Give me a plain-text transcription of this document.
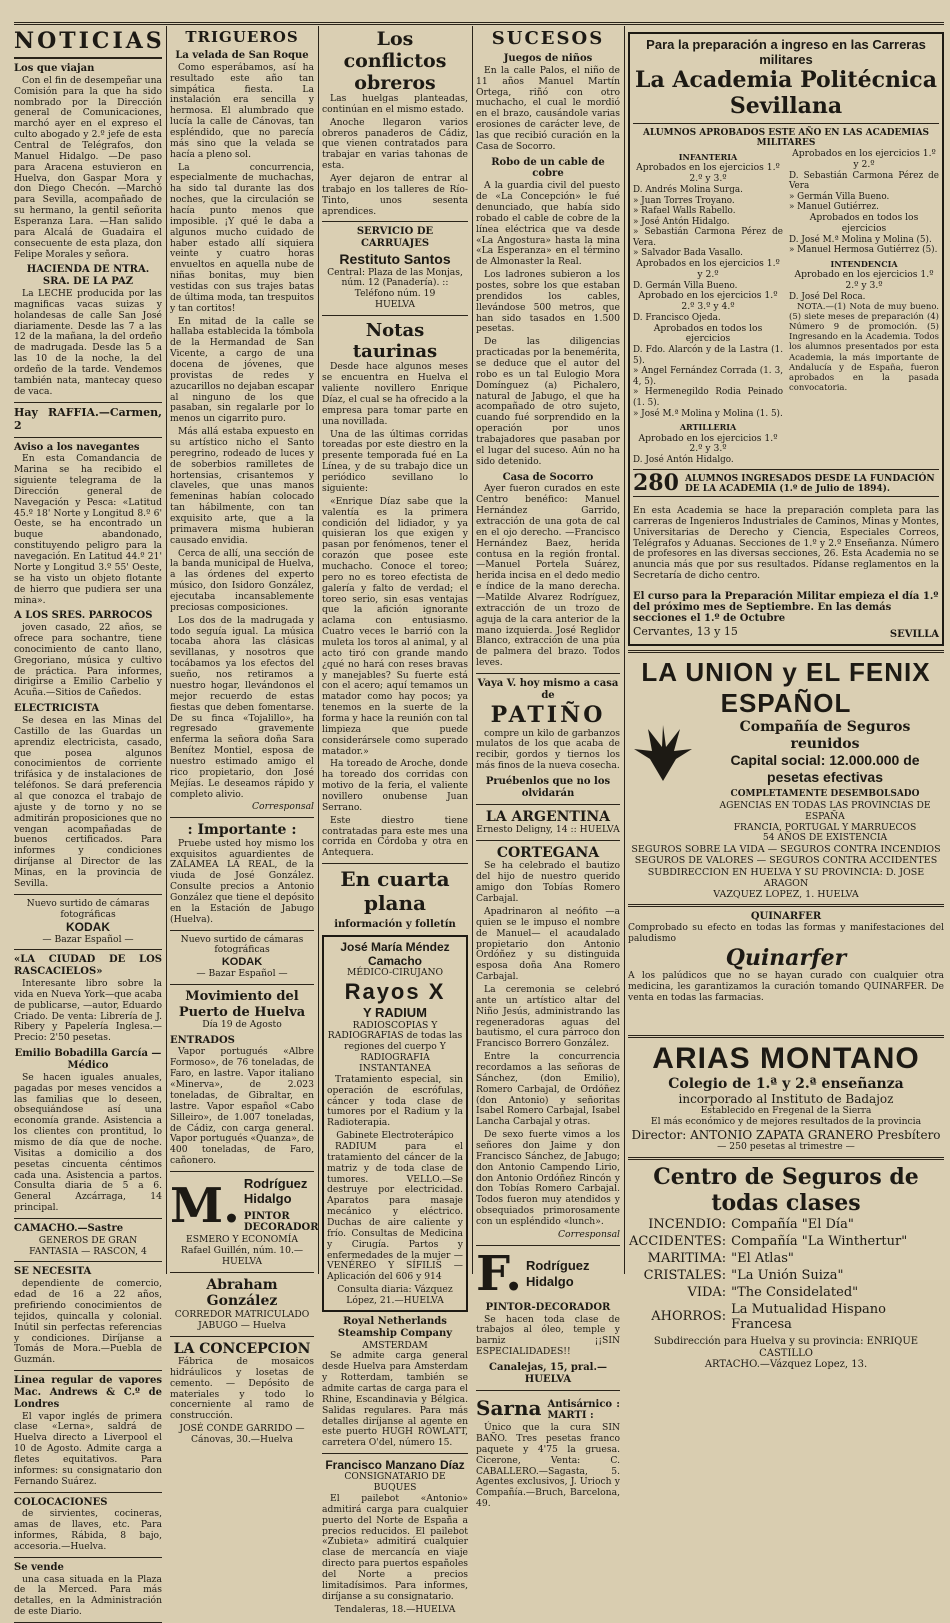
NOTICIAS
Los que viajan

Con el fin de desempeñar una Comisión para la que ha sido nombrado por la Dirección general de Comunicaciones, marchó ayer en el expreso el culto abogado y 2.º jefe de esta Central de Telégrafos, don Manuel Hidalgo. —De paso para Aracena estuvieron en Huelva, don Gaspar Mora y don Diego Checón. —Marchó para Sevilla, acompañado de su hermano, la gentil señorita Esperanza Lara. —Han salido para Alcalá de Guadaira el consecuente de esta plaza, don Felipe Morales y señora.

HACIENDA DE NTRA. SRA. DE LA PAZ

La LECHE producida por las magnificas vacas suizas y holandesas de calle San José diariamente. Desde las 7 a las 12 de la mañana, la del ordeño de madrugada. Desde las 5 a las 10 de la noche, la del ordeño de la tarde. Vendemos también nata, mantecay queso de vaca.

Hay RAFFIA.—Carmen, 2
Aviso a los navegantes

En esta Comandancia de Marina se ha recibido el siguiente telegrama de la Dirección general de Navegación y Pesca: «Latitud 45.º 18' Norte y Longitud 8.º 6' Oeste, se ha encontrado un buque abandonado, constituyendo peligro para la navegación. En Latitud 44.º 21' Norte y Longitud 3.º 55' Oeste, se ha visto un objeto flotante de hierro que pudiera ser una mina».

A LOS SRES. PARROCOS

joven casado, 22 años, se ofrece para sochantre, tiene conocimiento de canto llano, Gregoriano, música y cultivo de práctica. Para informes, dirigirse a Emilio Carbelio y Acuña.—Sitios de Cañedos.

ELECTRICISTA

Se desea en las Minas del Castillo de las Guardas un aprendiz electricista, casado, que posea algunos conocimientos de corriente trifásica y de instalaciones de teléfonos. Se dará preferencia al que conozca el trabajo de ajuste y de torno y no se admitirán proposiciones que no vengan acompañadas de buenos certificados. Para informes y condiciones diríjanse al Director de las Minas, en la provincia de Sevilla.

Nuevo surtido de cámaras fotográficas
KODAK
— Bazar Español —
«LA CIUDAD DE LOS RASCACIELOS»

Interesante libro sobre la vida en Nueva York—que acaba de publicarse, —autor, Eduardo Criado. De venta: Librería de J. Ribery y Papelería Inglesa.—Precio: 2'50 pesetas.

Emilio Bobadilla García — Médico

Se hacen iguales anuales, pagadas por meses vencidos a las familias que lo deseen, obsequiándose así una economía grande. Asistencia a los clientes con prontitud, lo mismo de día que de noche. Visitas a domicilio a dos pesetas cincuenta céntimos cada una. Asistencia a partos. Consulta diaria de 5 a 6. General Azcárraga, 14 principal.

CAMACHO.—Sastre
GENEROS DE GRAN FANTASIA — RASCON, 4
SE NECESITA

dependiente de comercio, edad de 16 a 22 años, prefiriendo conocimientos de tejidos, quincalla y colonial. Inútil sin perfectas referencias y condiciones. Diríjanse a Tomás de Mora.—Puebla de Guzmán.

Linea regular de vapores Mac. Andrews & C.º de Londres

El vapor inglés de primera clase «Lerna», saldrá de Huelva directo a Liverpool el 10 de Agosto. Admite carga a fletes equitativos. Para informes: su consignatario don Fernando Suárez.

COLOCACIONES

de sirvientes, cocineras, amas de llaves, etc. Para informes, Rábida, 8 bajo, accesoria.—Huelva.

Se vende

una casa situada en la Plaza de la Merced. Para más detalles, en la Administración de este Diario.

TRIGUEROS
La velada de San Roque

Como esperábamos, así ha resultado este año tan simpática fiesta. La instalación era sencilla y hermosa. El alumbrado que lucía la calle de Cánovas, tan espléndido, que no parecía más sino que la velada se hacía a pleno sol.

La concurrencia, especialmente de muchachas, ha sido tal durante las dos noches, que la circulación se hacía punto menos que imposible. ¡Y qué le daba a algunos mucho cuidado de haber estado allí siquiera veinte y cuatro horas envueltos en aquella nube de niñas bonitas, muy bien vestidas con sus trajes batas de última moda, tan trespuitos y tan cortitos!

En mitad de la calle se hallaba establecida la tómbola de la Hermandad de San Vicente, a cargo de una docena de jóvenes, que provistas de redes y azucarillos no dejaban escapar al ninguno de los que pasaban, sin regalarle por lo menos un cigarrito puro.

Más allá estaba expuesto en su artístico nicho el Santo peregrino, rodeado de luces y de soberbios ramilletes de hortensias, crisantemos y claveles, que unas manos femeninas habían colocado tan hábilmente, con tan exquisito arte, que a la primavera misma hubieran causado envidia.

Cerca de allí, una sección de la banda municipal de Huelva, a las órdenes del experto músico, don Isidoro González, ejecutaba incansablemente preciosas composiciones.

Los dos de la madrugada y todo seguía igual. La música tocaba ahora las clásicas sevillanas, y nosotros que tocábamos ya los efectos del sueño, nos retiramos a nuestro hogar, llevándonos el mejor recuerdo de estas fiestas que deben fomentarse. De su finca «Tojalillo», ha regresado gravemente enferma la señora doña Sara Benítez Montiel, esposa de nuestro estimado amigo el rico propietario, don José Mejías. Le deseamos rápido y completo alivio.

Corresponsal
: Importante :

Pruebe usted hoy mismo los exquisitos aguardientes de ZALAMEA LA REAL, de la viuda de José González. Consulte precios a Antonio González que tiene el depósito en la Estación de Jabugo (Huelva).

Nuevo surtido de cámaras fotográficas
KODAK
— Bazar Español —
Movimiento del Puerto de Huelva
Día 19 de Agosto
ENTRADOS

Vapor portugués «Albre Formoso», de 76 toneladas, de Faro, en lastre. Vapor italiano «Minerva», de 2.023 toneladas, de Gibraltar, en lastre. Vapor español «Cabo Silleiro», de 1.007 toneladas, de Cádiz, con carga general. Vapor portugués «Quanza», de 400 toneladas, de Faro, cañonero.

M. Rodríguez Hidalgo
PINTOR DECORADOR
ESMERO Y ECONOMÍA
Rafael Guillén, núm. 10.—HUELVA
Abraham González
CORREDOR MATRICULADO
JABUGO — Huelva
LA CONCEPCION

Fábrica de mosaicos hidráulicos y losetas de cemento. — Depósito de materiales y todo lo concerniente al ramo de construcción.

JOSÉ CONDE GARRIDO — Cánovas, 30.—Huelva
Los conflictos obreros

Las huelgas planteadas, continúan en el mismo estado.

Anoche llegaron varios obreros panaderos de Cádiz, que vienen contratados para trabajar en varias tahonas de esta.

Ayer dejaron de entrar al trabajo en los talleres de Río-Tinto, unos sesenta aprendices.

SERVICIO DE CARRUAJES
Restituto Santos
Central: Plaza de las Monjas, núm. 12 (Panadería). :: Teléfono núm. 19
HUELVA
Notas taurinas

Desde hace algunos meses se encuentra en Huelva el valiente novillero Enrique Díaz, el cual se ha ofrecido a la empresa para tomar parte en una novillada.

Una de las últimas corridas toreadas por este diestro en la presente temporada fué en La Línea, y de su trabajo dice un periódico sevillano lo siguiente:

«Enrique Díaz sabe que la valentía es la primera condición del lidiador, y ya quisieran los que exigen y pasan por fenómenos, tener el corazón que posee este muchacho. Conoce el toreo; pero no es toreo efectista de galería y falto de verdad; el toreo serio, sin esas ventajas que la afición ignorante aclama con entusiasmo. Cuatro veces le barrió con la muleta los toros al animal, y al acto tiró con grande mando ¿qué no hará con reses bravas y manejables? Su fuerte está con el acero; aquí temamos un matador como hay pocos; ya tenemos en la suerte de la forma y hace la reunión con tal limpieza que puede considerársele como superado matador.»

Ha toreado de Aroche, donde ha toreado dos corridas con motivo de la feria, el valiente novillero onubense Juan Serrano.

Este diestro tiene contratadas para este mes una corrida en Córdoba y otra en Antequera.

En cuarta plana
información y folletín
José María Méndez Camacho
MÉDICO-CIRUJANO
Rayos X
Y RADIUM
RADIOSCOPIAS Y RADIOGRAFIAS de todas las regiones del cuerpo Y RADIOGRAFIA INSTANTANEA

Tratamiento especial, sin operación de escrófulas, cáncer y toda clase de tumores por el Radium y la Radioterapia.

Gabinete Electroterápico

RADIUM para el tratamiento del cáncer de la matriz y de toda clase de tumores. VELLO.—Se destruye por electricidad. Aparatos para masaje mecánico y eléctrico. Duchas de aire caliente y frío. Consultas de Medicina y Cirugía. Partos y enfermedades de la mujer — VENÉREO Y SÍFILIS — Aplicación del 606 y 914

Consulta diaria: Vázquez López, 21.—HUELVA
Royal Netherlands Steamship Company
AMSTERDAM

Se admite carga general desde Huelva para Amsterdam y Rotterdam, también se admite cartas de carga para el Rhine, Escandinavia y Bélgica. Salidas regulares. Para más detalles diríjanse al agente en este puerto HUGH ROWLATT, carretera O'del, número 15.

Francisco Manzano Díaz
CONSIGNATARIO DE BUQUES

El pailebot «Antonio» admitirá carga para cualquier puerto del Norte de España a precios reducidos. El pailebot «Zubieta» admitirá cualquier clase de mercancía en viaje directo para puertos españoles del Norte a precios limitadísimos. Para informes, diríjanse a su consignatario.

Tendaleras, 18.—HUELVA
SUCESOS
Juegos de niños

En la calle Palos, el niño de 11 años Manuel Martín Ortega, riñó con otro muchacho, el cual le mordió en el brazo, causándole varias erosiones de carácter leve, de las que recibió curación en la Casa de Socorro.

Robo de un cable de cobre

A la guardia civil del puesto de «La Concepción» le fué denunciado, que había sido robado el cable de cobre de la línea eléctrica que va desde «La Angostura» hasta la mina «La Esperanza» en el término de Almonaster la Real.

Los ladrones subieron a los postes, sobre los que estaban prendidos los cables, llevándose 500 metros, que han sido tasados en 1.500 pesetas.

De las diligencias practicadas por la benemérita, se deduce que el autor del robo es un tal Eulogio Mora Domínguez (a) Pichalero, natural de Jabugo, el que ha acompañado de otro sujeto, cuando fué sorprendido en la operación por unos trabajadores que pasaban por el lugar del suceso. Aún no ha sido detenido.

Casa de Socorro

Ayer fueron curados en este Centro benéfico: Manuel Hernández Garrido, extracción de una gota de cal en el ojo derecho. —Francisco Hernández Baez, herida contusa en la región frontal. —Manuel Portela Suárez, herida incisa en el dedo medio e índice de la mano derecha. —Matilde Alvarez Rodríguez, extracción de un trozo de aguja de la cara anterior de la mano izquierda. José Reglidor Blanco, extracción de una púa de palmera del brazo. Todos leves.

Vaya V. hoy mismo a casa de
PATIÑO

compre un kilo de garbanzos mulatos de los que acaba de recibir, gordos y tiernos los más finos de la nueva cosecha.

Pruébenlos que no los olvidarán
LA ARGENTINA
Ernesto Deligny, 14 :: HUELVA
CORTEGANA

Se ha celebrado el bautizo del hijo de nuestro querido amigo don Tobías Romero Carbajal.

Apadrinaron al neófito —a quien se le impuso el nombre de Manuel— el acaudalado propietario don Antonio Ordóñez y su distinguida esposa doña Ana Romero Carbajal.

La ceremonia se celebró ante un artístico altar del Niño Jesús, administrando las regeneradoras aguas del bautismo, el cura párroco don Francisco Borrero González.

Entre la concurrencia recordamos a las señoras de Sánchez, (don Emilio), Romero Carbajal, de Ordóñez (don Antonio) y señoritas Isabel Romero Carbajal, Isabel Lancha Carbajal y otras.

De sexo fuerte vimos a los señores don Jaime y don Francisco Sánchez, de Jabugo; don Antonio Campendo Lirio, don Antonio Ordóñez Rincón y don Tobías Romero Carbajal. Todos fueron muy atendidos y obsequiados primorosamente con un espléndido «lunch».

Corresponsal
F. Rodríguez Hidalgo
PINTOR-DECORADOR

Se hacen toda clase de trabajos al óleo, temple y barniz ¡¡SIN ESPECIALIDADES!!

Canalejas, 15, pral.—HUELVA
Sarna Antisárnico : MARTI :

Único que la cura SIN BAÑO. Tres pesetas franco paquete y 4'75 la gruesa. Cicerone, Venta: C. CABALLERO.—Sagasta, 5. Agentes exclusivos, J. Urioch y Compañía.—Bruch, Barcelona, 49.

Para la preparación a ingreso en las Carreras militares
La Academia Politécnica Sevillana
ALUMNOS APROBADOS ESTE AÑO EN LAS ACADEMIAS MILITARES
INFANTERIA
Aprobados en los ejercicios 1.º 2.º y 3.º
D. Andrés Molina Surga.
» Juan Torres Troyano.
» Rafael Walls Rabello.
» José Antón Hidalgo.
» Sebastián Carmona Pérez de Vera.
» Salvador Bada Vasallo.
Aprobados en los ejercicios 1.º y 2.º
D. Germán Villa Bueno.
Aprobado en los ejercicios 1.º 2.º 3.º y 4.º
D. Francisco Ojeda.
Aprobados en todos los ejercicios
D. Fdo. Alarcón y de la Lastra (1. 5).
» Angel Fernández Corrada (1. 3, 4, 5).
» Hermenegildo Rodia Peinado (1. 5).
» José M.ª Molina y Molina (1. 5).
ARTILLERIA
Aprobado en los ejercicios 1.º 2.º y 3.º
D. José Antón Hidalgo.
Aprobados en los ejercicios 1.º y 2.º
D. Sebastián Carmona Pérez de Vera
» Germán Villa Bueno.
» Manuel Gutiérrez.
Aprobados en todos los ejercicios
D. José M.ª Molina y Molina (5).
» Manuel Hermosa Gutiérrez (5).
INTENDENCIA
Aprobado en los ejercicios 1.º 2.º y 3.º
D. José Del Roca.

NOTA.—(1) Nota de muy bueno. (5) siete meses de preparación (4) Número 9 de promoción. (5) Ingresando en la Academia. Todos los alumnos presentados por esta Academia, la más importante de Andalucía y de España, fueron aprobados en la pasada convocatoria.

280 ALUMNOS INGRESADOS DESDE LA FUNDACIÓN DE LA ACADEMIA (1.º de Julio de 1894).

En esta Academia se hace la preparación completa para las carreras de Ingenieros Industriales de Caminos, Minas y Montes, Universitarias de Derecho y Ciencia, Especiales Correos, Telégrafos y Aduanas. Secciones de 1.º y 2.º Enseñanza. Número de profesores en las diversas secciones, 26. Esta Academia no se anuncia más que por sus resultados. Pídanse reglamentos en la Secretaría de dicho centro.

El curso para la Preparación Militar empieza el día 1.º del próximo mes de Septiembre. En las demás secciones el 1.º de Octubre
Cervantes, 13 y 15	SEVILLA
LA UNION y EL FENIX ESPAÑOL
Compañía de Seguros reunidos
Capital social: 12.000.000 de pesetas efectivas
COMPLETAMENTE DESEMBOLSADO
AGENCIAS EN TODAS LAS PROVINCIAS DE ESPAÑA
FRANCIA, PORTUGAL Y MARRUECOS
54 AÑOS DE EXISTENCIA
SEGUROS SOBRE LA VIDA — SEGUROS CONTRA INCENDIOS
SEGUROS DE VALORES — SEGUROS CONTRA ACCIDENTES
SUBDIRECCION EN HUELVA Y SU PROVINCIA: D. JOSE ARAGON
VAZQUEZ LOPEZ, 1. HUELVA
QUINARFER
Comprobado su efecto en todas las formas y manifestaciones del paludismo
Quinarfer
A los palúdicos que no se hayan curado con cualquier otra medicina, les garantizamos la curación tomando QUINARFER. De venta en todas las farmacias.
ARIAS MONTANO
Colegio de 1.ª y 2.ª enseñanza
incorporado al Instituto de Badajoz
Establecido en Fregenal de la Sierra
El más económico y de mejores resultados de la provincia
Director: ANTONIO ZAPATA GRANERO Presbítero
— 250 pesetas al trimestre —
Centro de Seguros de todas clases
INCENDIO:	Compañía "El Día"
ACCIDENTES:	Compañía "La Winthertur"
MARITIMA:	"El Atlas"
CRISTALES:	"La Unión Suiza"
VIDA:	"The Considelated"
AHORROS:	La Mutualidad Hispano Francesa
Subdirección para Huelva y su provincia: ENRIQUE CASTILLO
ARTACHO.—Vázquez Lopez, 13.
